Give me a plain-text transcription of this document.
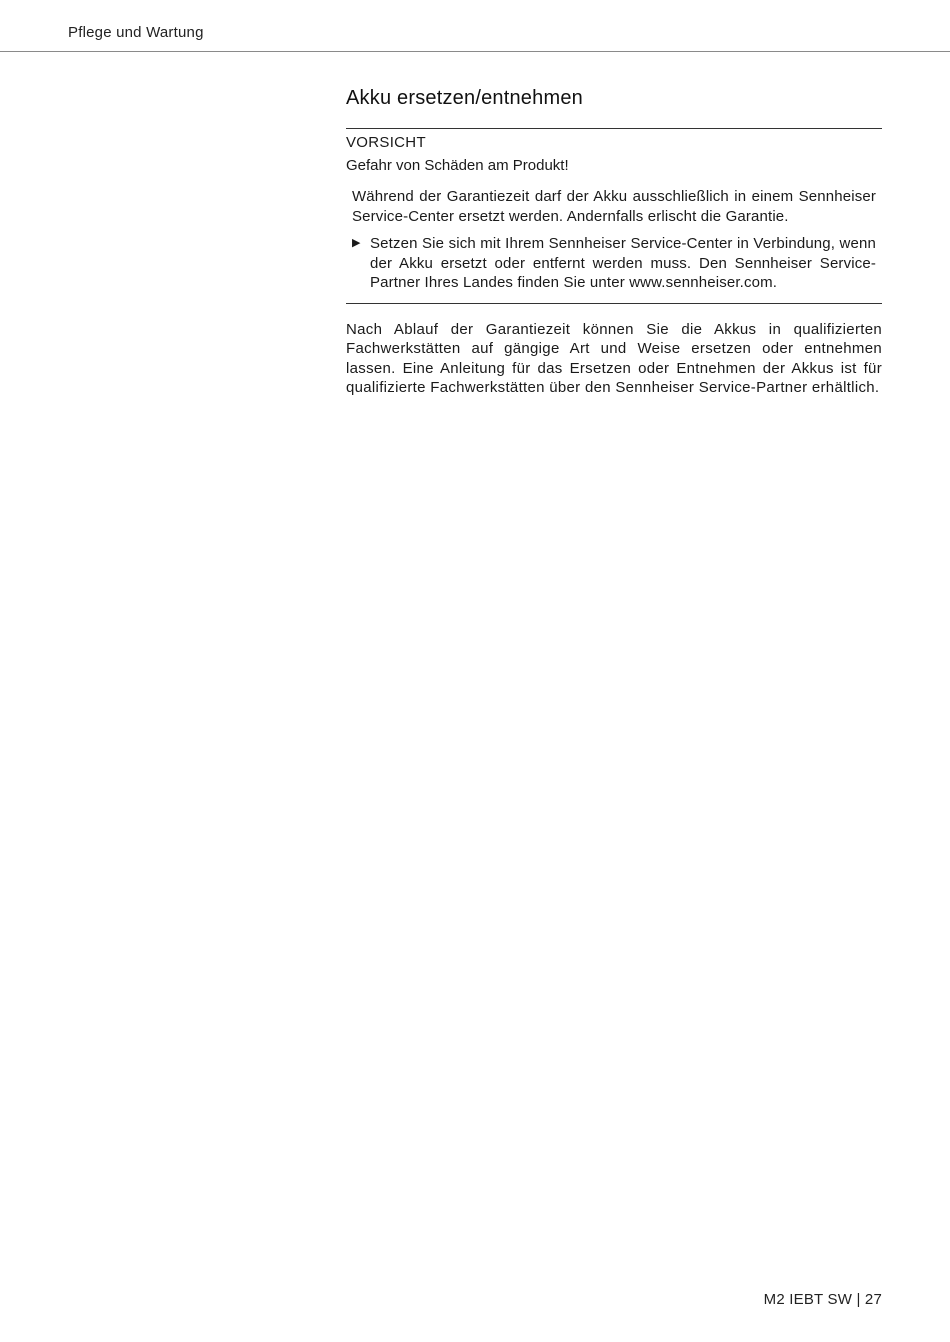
Pflege und Wartung
Akku ersetzen/entnehmen
VORSICHT
Gefahr von Schäden am Produkt!
Während der Garantiezeit darf der Akku ausschließlich in einem Sennheiser Service-Center ersetzt werden. Andernfalls erlischt die Garantie.
▶ Setzen Sie sich mit Ihrem Sennheiser Service-Center in Verbindung, wenn der Akku ersetzt oder entfernt werden muss. Den Sennheiser Service-Partner Ihres Landes finden Sie unter www.sennheiser.com.

Nach Ablauf der Garantiezeit können Sie die Akkus in qualifizierten Fachwerkstätten auf gängige Art und Weise ersetzen oder entnehmen lassen. Eine Anleitung für das Ersetzen oder Entnehmen der Akkus ist für qualifizierte Fachwerkstätten über den Sennheiser Service-Partner erhältlich.

M2 IEBT SW | 27
